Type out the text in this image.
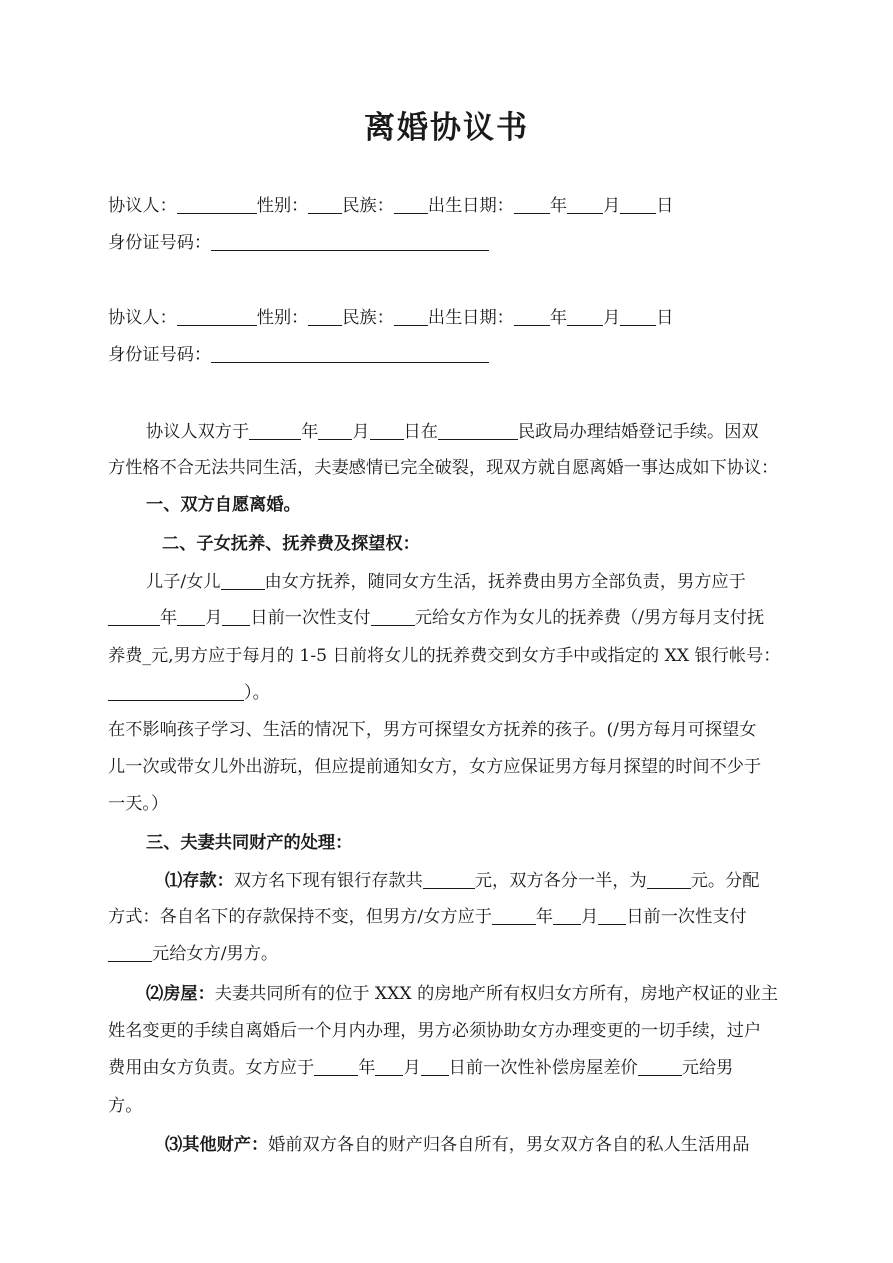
离婚协议书
协议人：	性别： 民族： 出生日期： 年 月 日
身份证号码：
协议人：	性别： 民族： 出生日期： 年 月 日
身份证号码：
协议人双方于	年 月 日在	民政局办理结婚登记手续。因双
方性格不合无法共同生活，夫妻感情已完全破裂，现双方就自愿离婚一事达成如下协议：
一、双方自愿离婚。
二、子女抚养、抚养费及探望权：
儿子/女儿	由女方抚养，随同女方生活，抚养费由男方全部负责，男方应于
年 月 日前一次性支付	元给女方作为女儿的抚养费（/男方每月支付抚
养费_元,男方应于每月的 1-5 日前将女儿的抚养费交到女方手中或指定的 XX 银行帐号：
）。
在不影响孩子学习、生活的情况下，男方可探望女方抚养的孩子。(/男方每月可探望女
儿一次或带女儿外出游玩，但应提前通知女方，女方应保证男方每月探望的时间不少于
一天。）
三、夫妻共同财产的处理：
⑴存款：双方名下现有银行存款共	元，双方各分一半，为	元。分配
方式：各自名下的存款保持不变，但男方/女方应于	年 月 日前一次性支付
元给女方/男方。
⑵房屋：夫妻共同所有的位于 XXX 的房地产所有权归女方所有，房地产权证的业主
姓名变更的手续自离婚后一个月内办理，男方必须协助女方办理变更的一切手续，过户
费用由女方负责。女方应于	年 月 日前一次性补偿房屋差价	元给男
方。
⑶其他财产：婚前双方各自的财产归各自所有，男女双方各自的私人生活用品
